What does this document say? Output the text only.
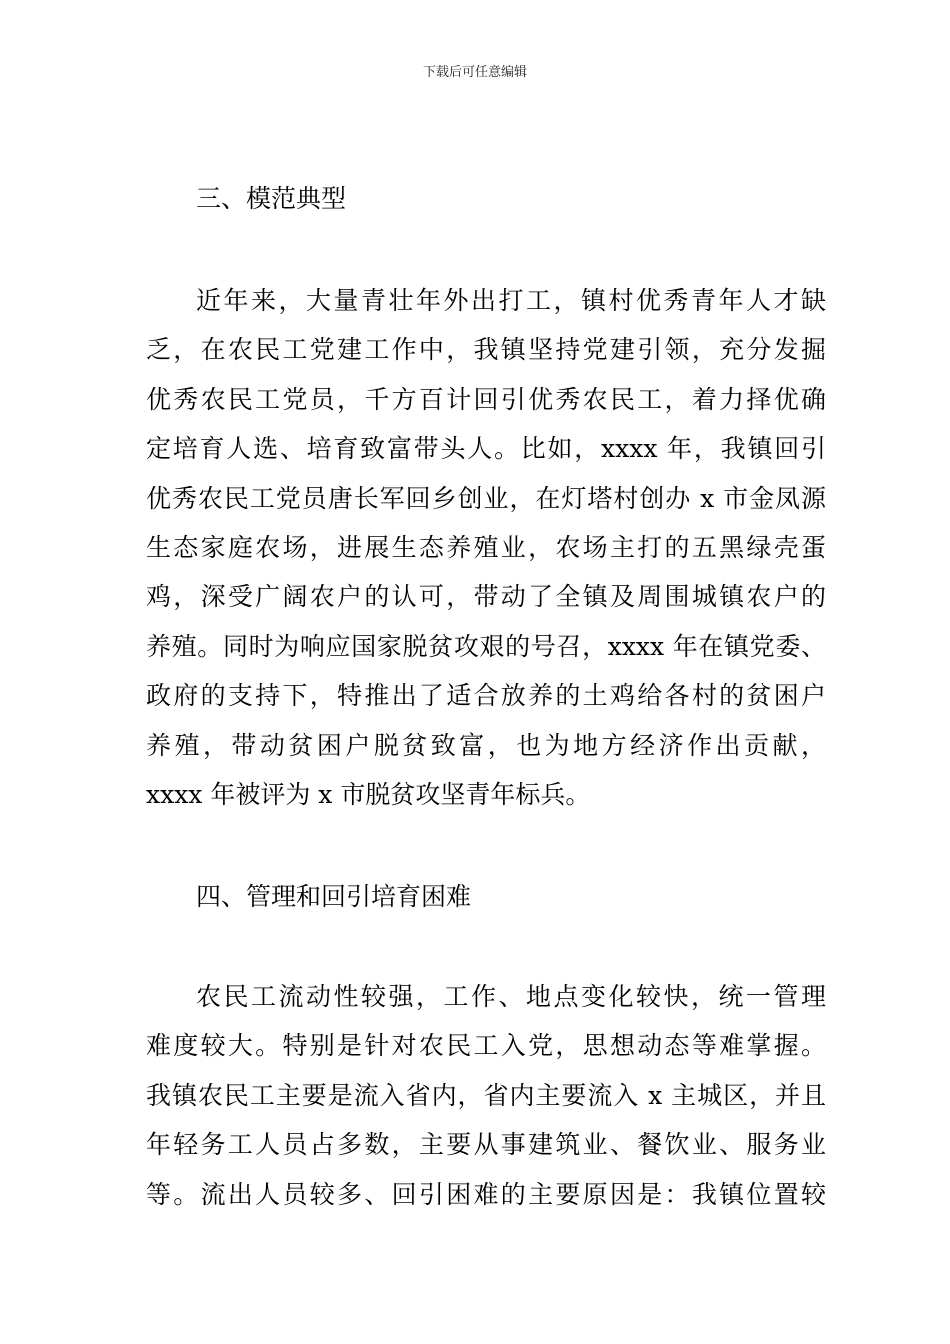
下载后可任意编辑
三、模范典型
近年来，大量青壮年外出打工，镇村优秀青年人才缺
乏，在农民工党建工作中，我镇坚持党建引领，充分发掘
优秀农民工党员，千方百计回引优秀农民工，着力择优确
定培育人选、培育致富带头人。比如，xxxx 年，我镇回引
优秀农民工党员唐长军回乡创业，在灯塔村创办 x 市金凤源
生态家庭农场，进展生态养殖业，农场主打的五黑绿壳蛋
鸡，深受广阔农户的认可，带动了全镇及周围城镇农户的
养殖。同时为响应国家脱贫攻艰的号召，xxxx 年在镇党委、
政府的支持下，特推出了适合放养的土鸡给各村的贫困户
养殖，带动贫困户脱贫致富，也为地方经济作出贡献，
xxxx 年被评为 x 市脱贫攻坚青年标兵。
四、管理和回引培育困难
农民工流动性较强，工作、地点变化较快，统一管理
难度较大。特别是针对农民工入党，思想动态等难掌握。
我镇农民工主要是流入省内，省内主要流入 x 主城区，并且
年轻务工人员占多数，主要从事建筑业、餐饮业、服务业
等。流出人员较多、回引困难的主要原因是：我镇位置较
